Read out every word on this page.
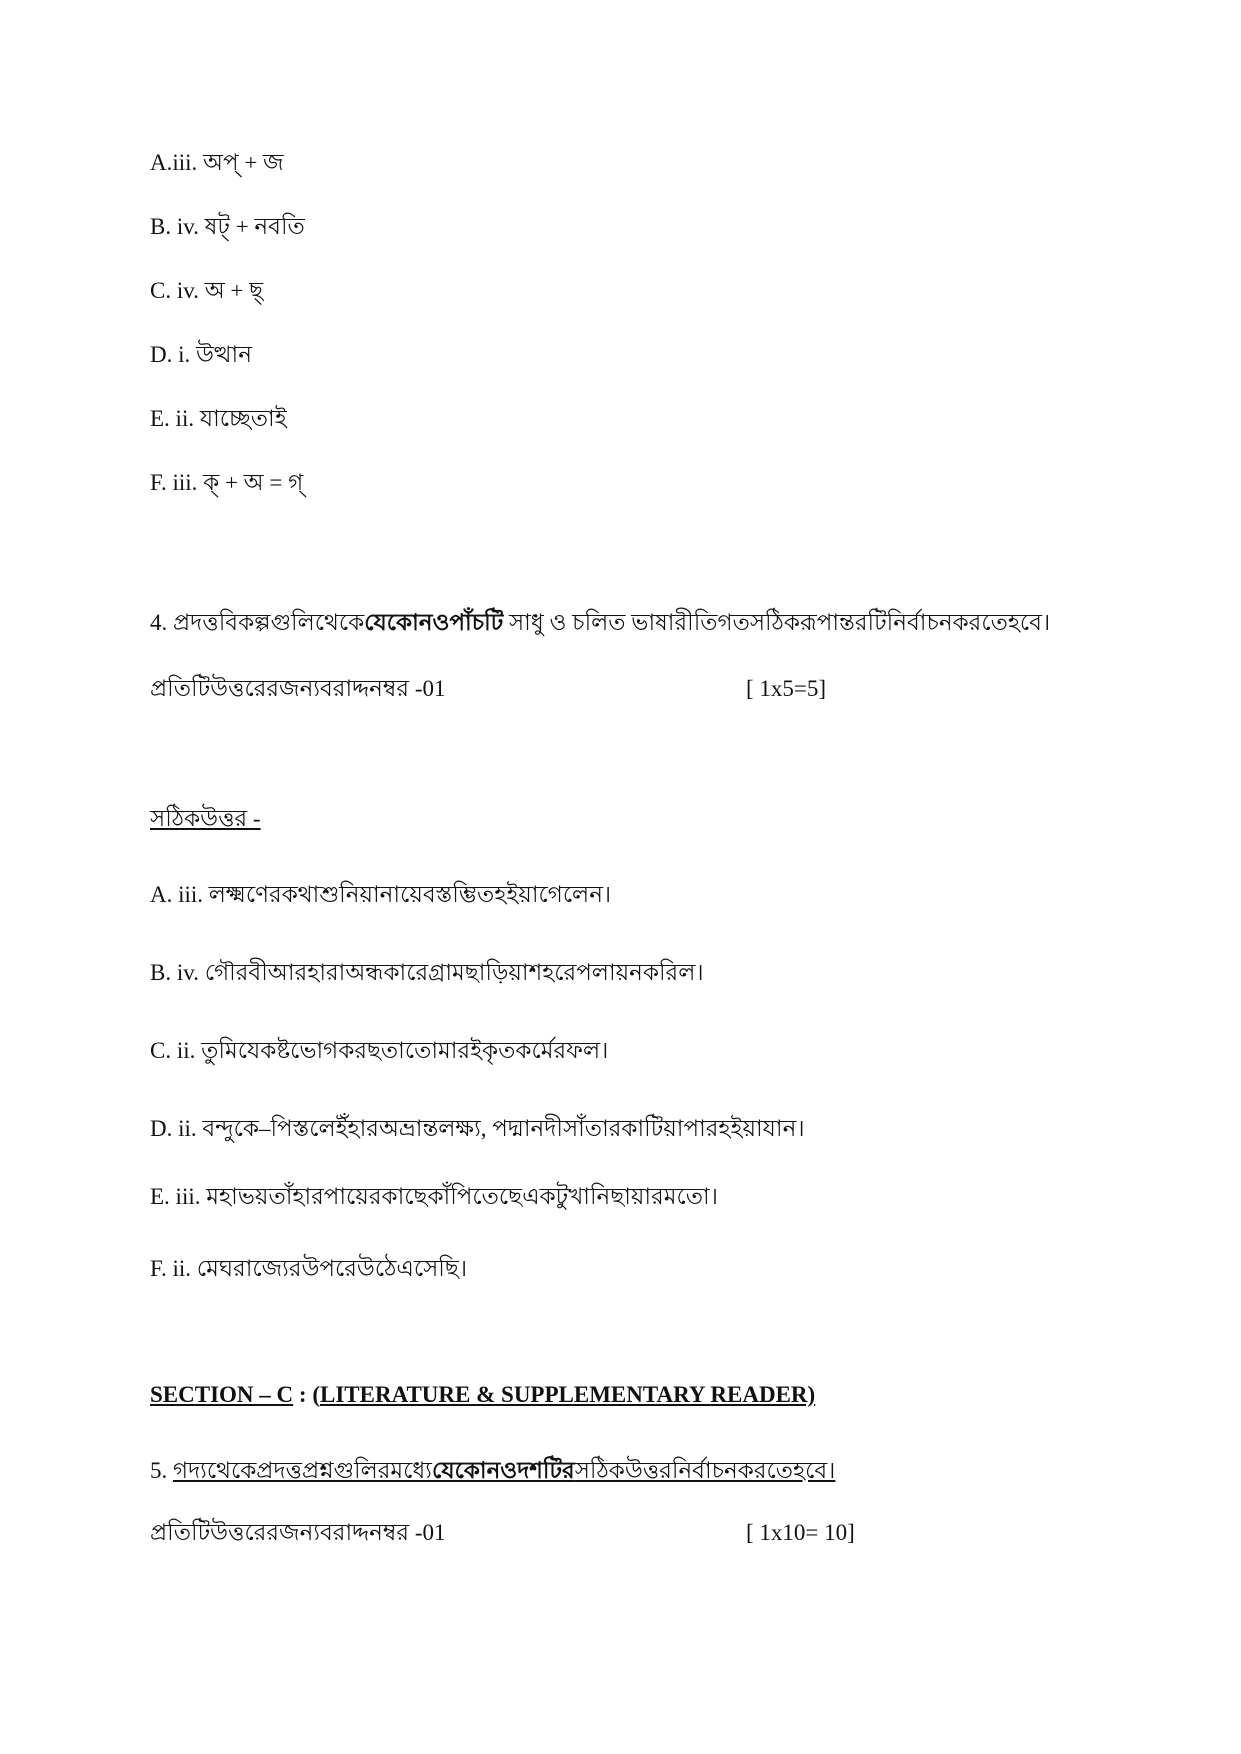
A.iii. অপ্ + জ
B. iv. ষট্ + নবতি
C. iv. অ + ছ্
D. i. উত্থান
E. ii. যাচ্ছেতাই
F. iii. ক্ + অ = গ্
4. প্রদত্তবিকল্পগুলিথেকেযেকোনওপাঁচটি সাধু ও চলিত ভাষারীতিগতসঠিকরূপান্তরটিনির্বাচনকরতেহবে।
প্রতিটিউত্তরেরজন্যবরাদ্দনম্বর -01	[ 1x5=5]
সঠিকউত্তর -
A. iii. লক্ষ্মণেরকথাশুনিয়ানায়েবস্তম্ভিতহইয়াগেলেন।
B. iv. গৌরবীআরহারাঅন্ধকারেগ্রামছাড়িয়াশহরেপলায়নকরিল।
C. ii. তুমিযেকষ্টভোগকরছতাতোমারইকৃতকর্মেরফল।
D. ii. বন্দুকে–পিস্তলেইঁহারঅভ্রান্তলক্ষ্য, পদ্মানদীসাঁতারকাটিয়াপারহইয়াযান।
E. iii. মহাভয়তাঁহারপায়েরকাছেকাঁপিতেছেএকটুখানিছায়ারমতো।
F. ii. মেঘরাজ্যেরউপরেউঠেএসেছি।
SECTION – C : (LITERATURE & SUPPLEMENTARY READER)
5. গদ্যথেকেপ্রদত্তপ্রশ্নগুলিরমধ্যেযেকোনওদশটিরসঠিকউত্তরনির্বাচনকরতেহবে।
প্রতিটিউত্তরেরজন্যবরাদ্দনম্বর -01	[ 1x10= 10]
